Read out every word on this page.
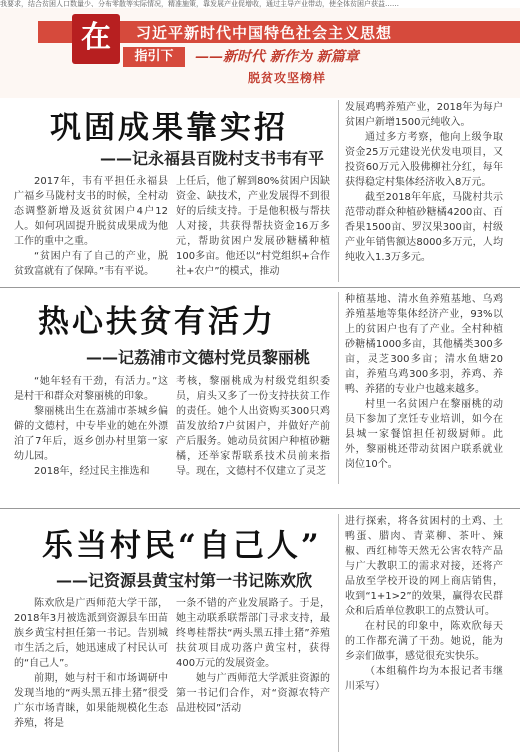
我要求，结合贫困人口数量少、分布零散等实际情况，精准施策，靠发展产业促增收，通过主导产业带动，使全体贫困户获益……
习近平新时代中国特色社会主义思想
在
指引下	——新时代 新作为 新篇章
脱贫攻坚榜样
巩固成果靠实招
——记永福县百陇村支书韦有平

2017年，韦有平担任永福县广福乡马陇村支书的时候，全村动态调整新增及返贫贫困户4户12人。如何巩固提升脱贫成果成为他工作的重中之重。

“贫困户有了自己的产业，脱贫致富就有了保障。”韦有平说。

上任后，他了解到80%贫困户因缺资金、缺技术，产业发展得不到很好的后续支持。于是他积极与帮扶人对接，共获得帮扶资金16万多元，帮助贫困户发展砂糖橘种植100多亩。他还以“村党组织+合作社+农户”的模式，推动

发展鸡鸭养殖产业，2018年为每户贫困户新增1500元纯收入。

通过多方考察，他向上级争取资金25万元建设光伏发电项目，又投资60万元入股佛柳社分红，每年获得稳定村集体经济收入8万元。

截至2018年年底，马陇村共示范带动群众种植砂糖橘4200亩、百香果1500亩、罗汉果300亩，村级产业年销售额达8000多万元，人均纯收入1.3万多元。

热心扶贫有活力
——记荔浦市文德村党员黎丽桃

“她年轻有干劲，有活力。”这是村干和群众对黎丽桃的印象。

黎丽桃出生在荔浦市茶城乡偏僻的文德村，中专毕业的她在外漂泊了7年后，返乡创办村里第一家幼儿园。

2018年，经过民主推选和

考核，黎丽桃成为村级党组织委员，肩头又多了一份支持扶贫工作的责任。她个人出资购买300只鸡苗发放给7户贫困户，并做好产前产后服务。她动员贫困户种植砂糖橘，还举家帮联系技术员前来指导。现在，文德村不仅建立了灵芝

种植基地、清水鱼养殖基地、乌鸡养殖基地等集体经济产业，93%以上的贫困户也有了产业。全村种植砂糖橘1000多亩，其他橘类300多亩，灵芝300多亩；清水鱼塘20亩，养殖乌鸡300多羽，养鸡、养鸭、养猪的专业户也越来越多。

村里一名贫困户在黎丽桃的动员下参加了烹饪专业培训，如今在县城一家餐馆担任初级厨师。此外，黎丽桃还带动贫困户联系就业岗位10个。

乐当村民“自己人”
——记资源县黄宝村第一书记陈欢欣

陈欢欣是广西师范大学干部，2018年3月被选派到资源县车田苗族乡黄宝村担任第一书记。告别城市生活之后，她迅速成了村民认可的“自己人”。

前期，她与村干和市场调研中发现当地的“两头黑五排土猪”很受广东市场青睐，如果能规模化生态养殖，将是

一条不错的产业发展路子。于是，她主动联系联帮部门寻求支持，最终粤桂帮扶“两头黑五排土猪”养殖扶贫项目成功落户黄宝村，获得400万元的发展资金。

她与广西师范大学派驻资源的第一书记们合作，对“资源农特产品进校园”活动

进行探索，将各贫困村的土鸡、土鸭蛋、腊肉、青菜柳、茶叶、辣椒、西红柿等天然无公害农特产品与广大教职工的需求对接，还将产品放至学校开设的网上商店销售，收到“1+1>2”的效果，赢得农民群众和后盾单位教职工的点赞认可。

在村民的印象中，陈欢欣每天的工作都充满了干劲。她说，能为乡亲们做事，感觉很充实快乐。

（本组稿件均为本报记者韦继川采写）
